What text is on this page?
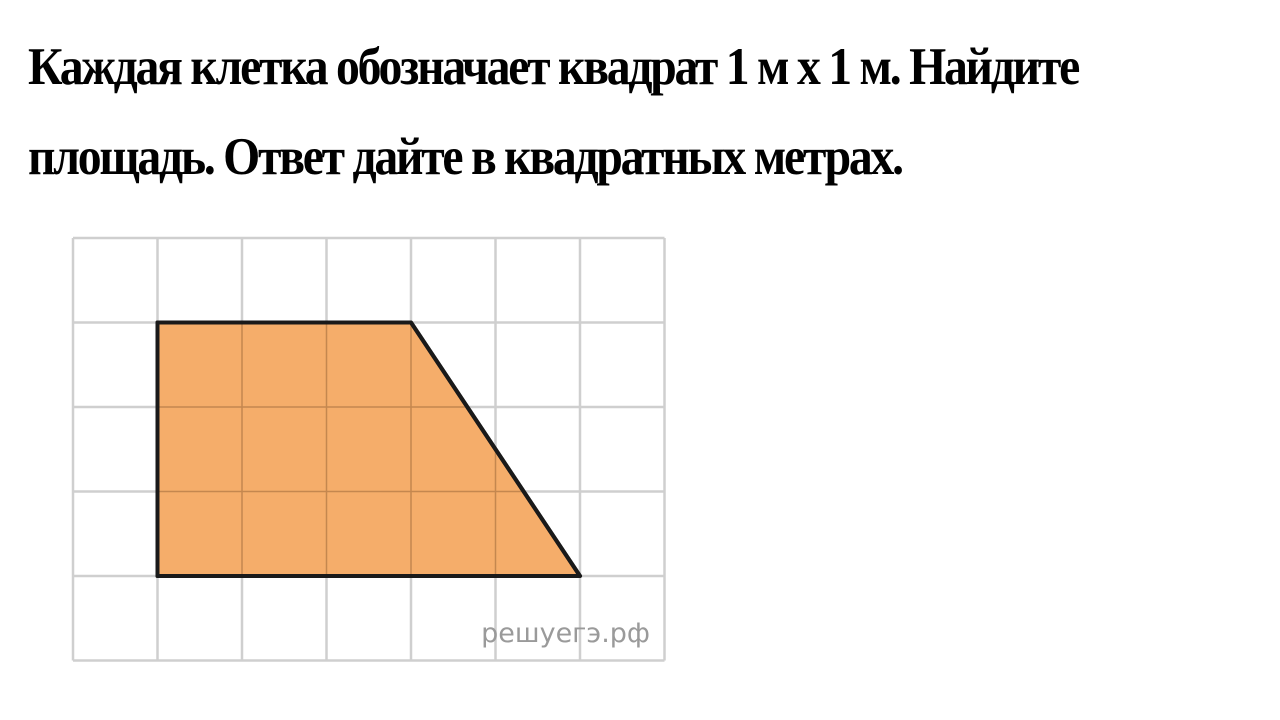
Каждая клетка обозначает квадрат 1 м х 1 м. Найдите
площадь. Ответ дайте в квадратных метрах.

решуегэ.рф
